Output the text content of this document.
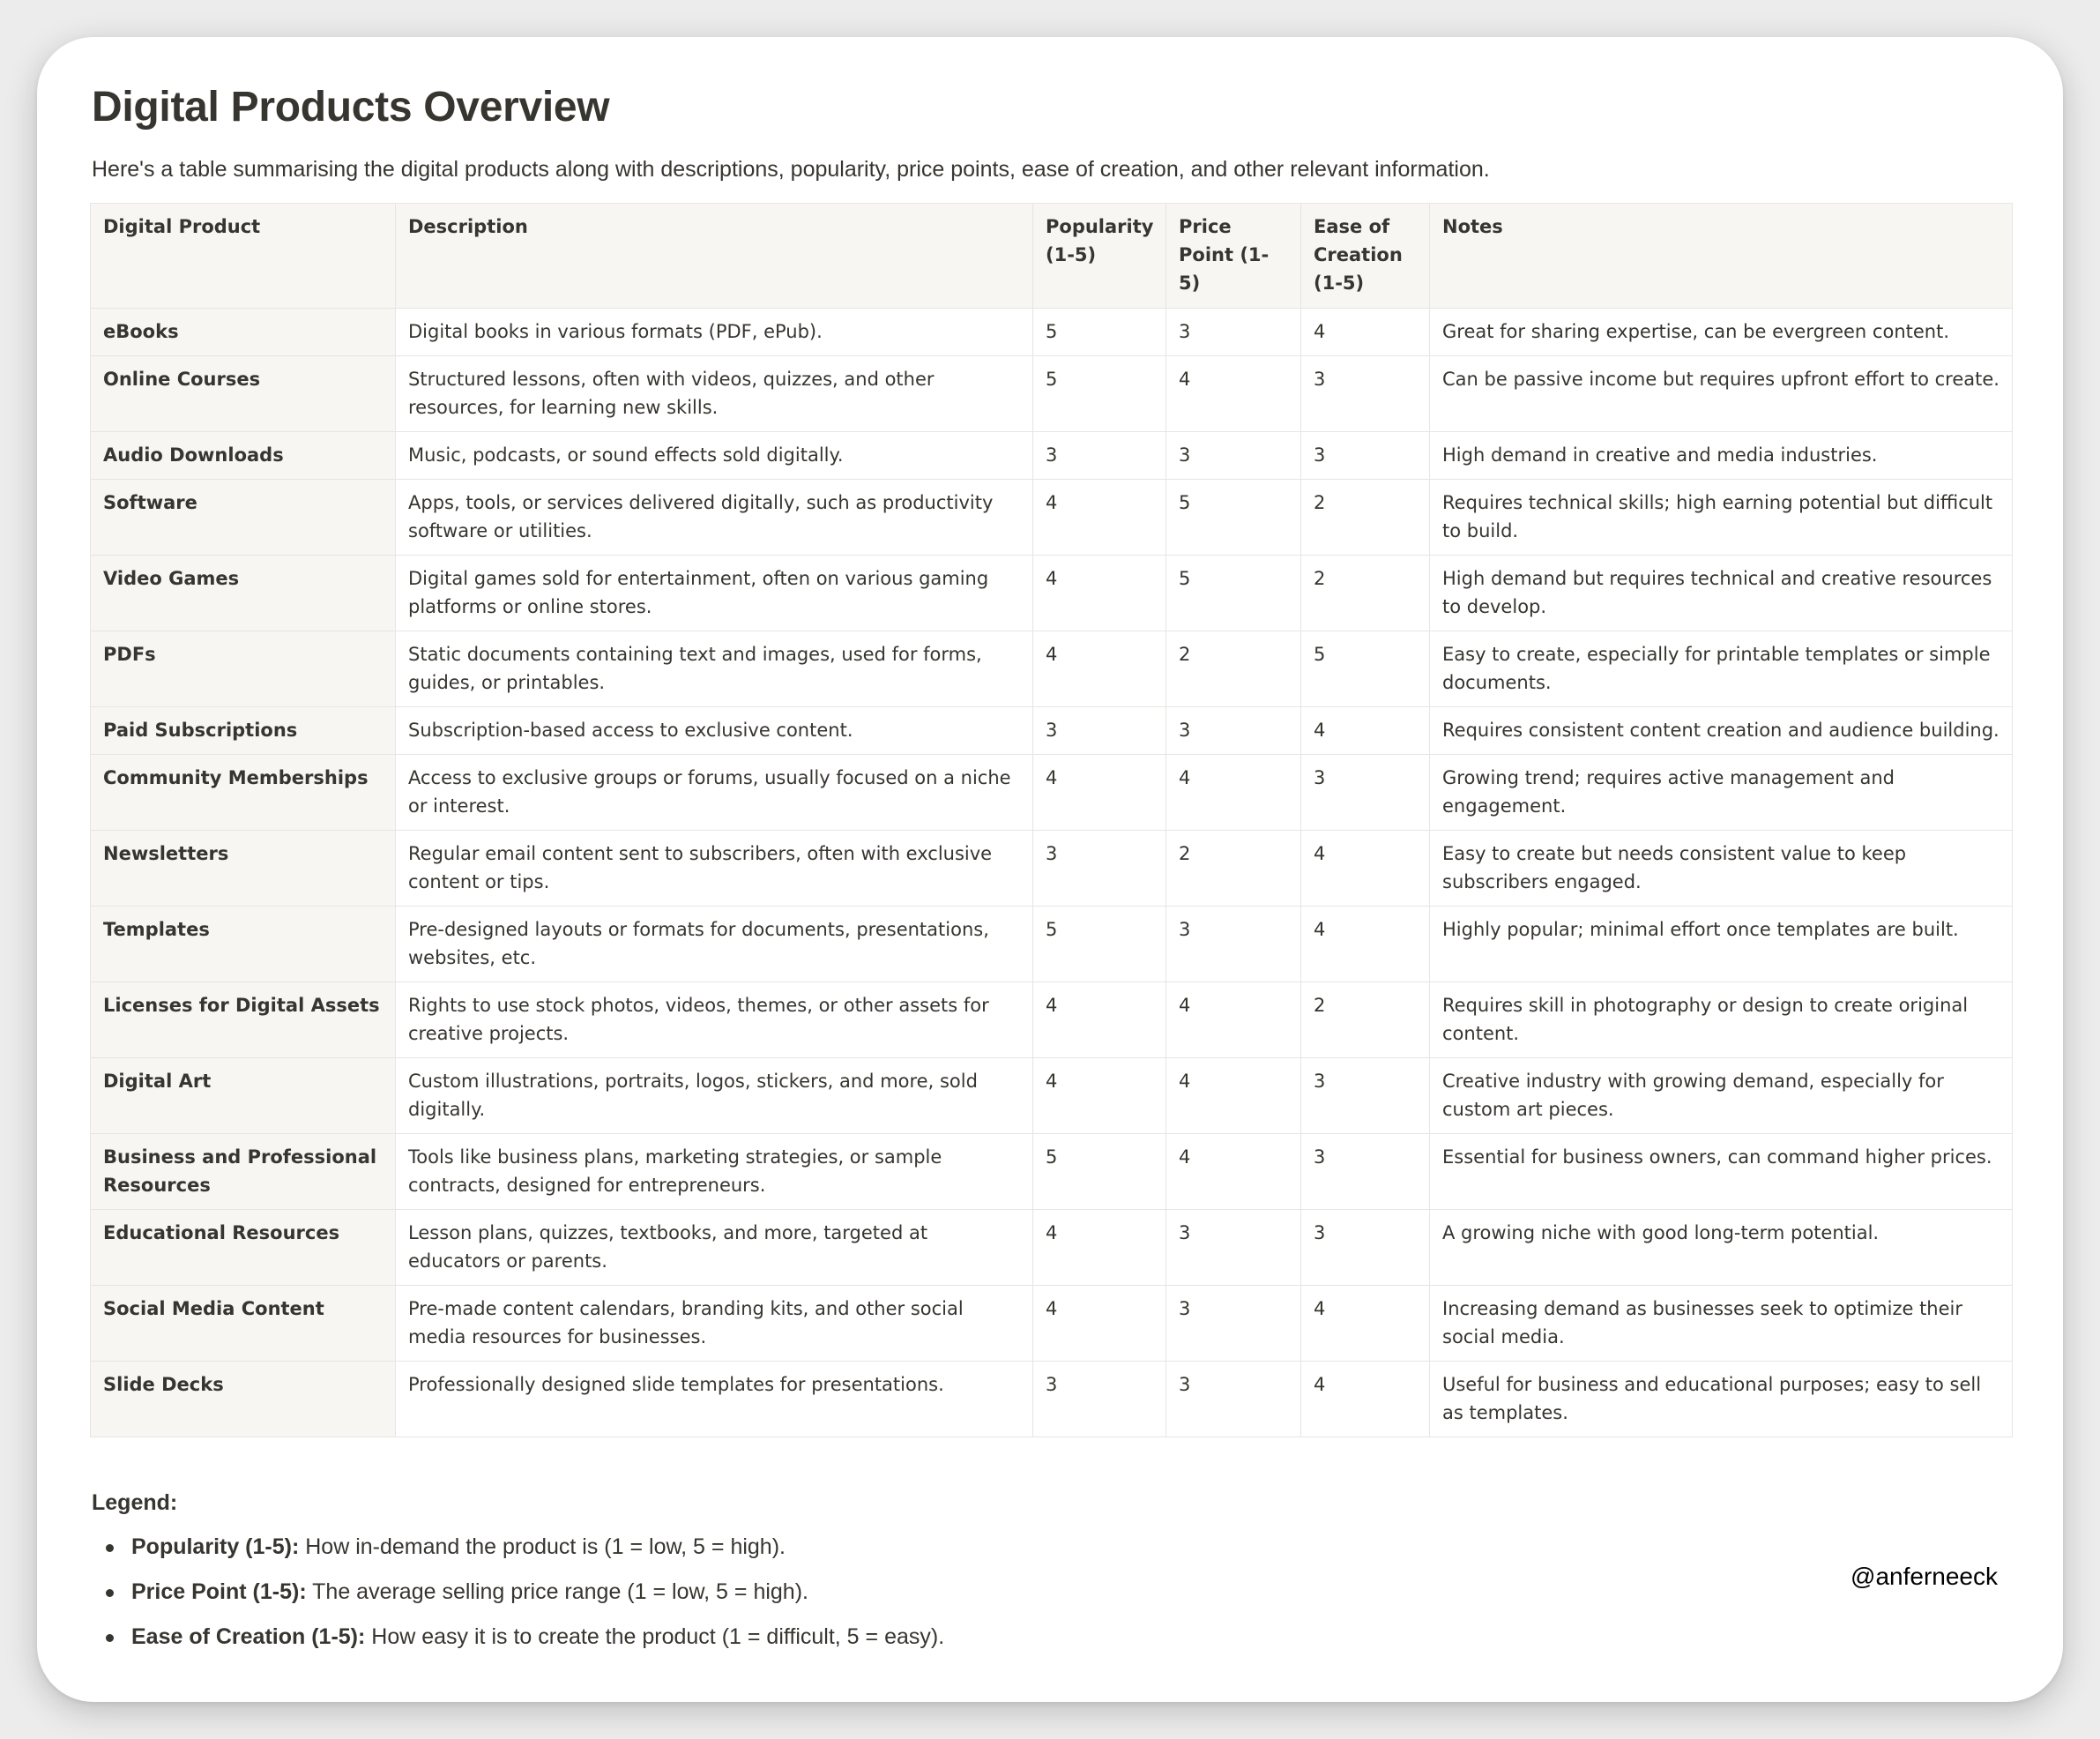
Digital Products Overview

Here's a table summarising the digital products along with descriptions, popularity, price points, ease of creation, and other relevant information.

Digital Product	Description	Popularity (1-5)	Price Point (1-5)	Ease of Creation (1-5)	Notes
eBooks	Digital books in various formats (PDF, ePub).	5	3	4	Great for sharing expertise, can be evergreen content.
Online Courses	Structured lessons, often with videos, quizzes, and other resources, for learning new skills.	5	4	3	Can be passive income but requires upfront effort to create.
Audio Downloads	Music, podcasts, or sound effects sold digitally.	3	3	3	High demand in creative and media industries.
Software	Apps, tools, or services delivered digitally, such as productivity software or utilities.	4	5	2	Requires technical skills; high earning potential but difficult to build.
Video Games	Digital games sold for entertainment, often on various gaming platforms or online stores.	4	5	2	High demand but requires technical and creative resources to develop.
PDFs	Static documents containing text and images, used for forms, guides, or printables.	4	2	5	Easy to create, especially for printable templates or simple documents.
Paid Subscriptions	Subscription-based access to exclusive content.	3	3	4	Requires consistent content creation and audience building.
Community Memberships	Access to exclusive groups or forums, usually focused on a niche or interest.	4	4	3	Growing trend; requires active management and engagement.
Newsletters	Regular email content sent to subscribers, often with exclusive content or tips.	3	2	4	Easy to create but needs consistent value to keep subscribers engaged.
Templates	Pre-designed layouts or formats for documents, presentations, websites, etc.	5	3	4	Highly popular; minimal effort once templates are built.
Licenses for Digital Assets	Rights to use stock photos, videos, themes, or other assets for creative projects.	4	4	2	Requires skill in photography or design to create original content.
Digital Art	Custom illustrations, portraits, logos, stickers, and more, sold digitally.	4	4	3	Creative industry with growing demand, especially for custom art pieces.
Business and Professional Resources	Tools like business plans, marketing strategies, or sample contracts, designed for entrepreneurs.	5	4	3	Essential for business owners, can command higher prices.
Educational Resources	Lesson plans, quizzes, textbooks, and more, targeted at educators or parents.	4	3	3	A growing niche with good long-term potential.
Social Media Content	Pre-made content calendars, branding kits, and other social media resources for businesses.	4	3	4	Increasing demand as businesses seek to optimize their social media.
Slide Decks	Professionally designed slide templates for presentations.	3	3	4	Useful for business and educational purposes; easy to sell as templates.
Legend:
Popularity (1-5): How in-demand the product is (1 = low, 5 = high).
Price Point (1-5): The average selling price range (1 = low, 5 = high).
Ease of Creation (1-5): How easy it is to create the product (1 = difficult, 5 = easy).
@anferneeck
